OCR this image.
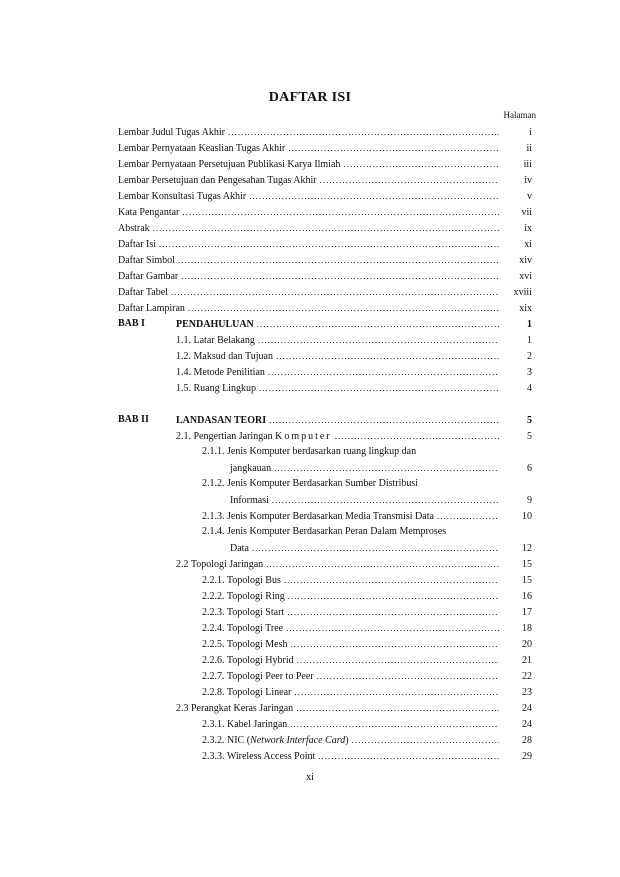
DAFTAR ISI
Halaman
Lembar Judul Tugas Akhir .....	i
Lembar Pernyataan Keaslian Tugas Akhir .....	ii
Lembar Pernyataan Persetujuan Publikasi Karya Ilmiah .....	iii
Lembar Persetujuan dan Pengesahan Tugas Akhir .....	iv
Lembar Konsultasi Tugas Akhir .....	v
Kata Pengantar .....	vii
Abstrak .....	ix
Daftar Isi .....	xi
Daftar Simbol .....	xiv
Daftar Gambar .....	xvi
Daftar Tabel .....	xviii
Daftar Lampiran .....	xix
BAB I	PENDAHULUAN .....	1
1.1. Latar Belakang .....	1
1.2. Maksud dan Tujuan .....	2
1.4. Metode Penilitian .....	3
1.5. Ruang Lingkup .....	4
BAB II	LANDASAN TEORI .....	5
2.1. Pengertian Jaringan Komputer .....	5
2.1.1. Jenis Komputer berdasarkan ruang lingkup dan
jangkauan .....	6
2.1.2. Jenis Komputer Berdasarkan Sumber Distribusi
Informasi .....	9
2.1.3. Jenis Komputer Berdasarkan Media Transmisi Data .....	10
2.1.4. Jenis Komputer Berdasarkan Peran Dalam Memproses
Data .....	12
2.2 Topologi Jaringan .....	15
2.2.1. Topologi Bus .....	15
2.2.2. Topologi Ring .....	16
2.2.3. Topologi Start .....	17
2.2.4. Topologi Tree .....	18
2.2.5. Topologi Mesh .....	20
2.2.6. Topologi Hybrid .....	21
2.2.7. Topologi Peer to Peer .....	22
2.2.8. Topologi Linear .....	23
2.3 Perangkat Keras Jaringan .....	24
2.3.1. Kabel Jaringan .....	24
2.3.2. NIC (Network Interface Card) .....	28
2.3.3. Wireless Access Point .....	29
xi
